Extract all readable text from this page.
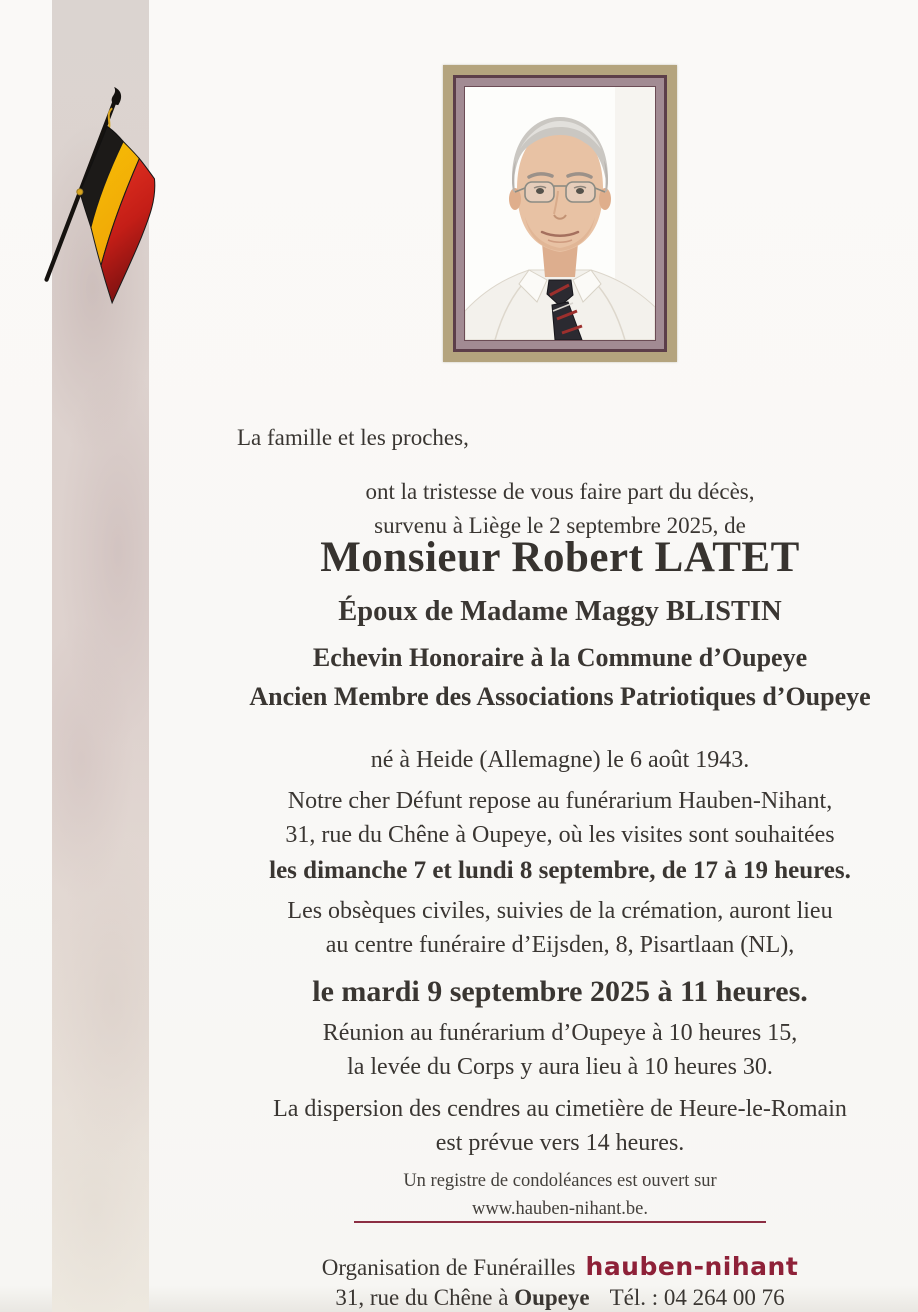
La famille et les proches,

ont la tristesse de vous faire part du décès,

survenu à Liège le 2 septembre 2025, de

Monsieur Robert LATET
Époux de Madame Maggy BLISTIN
Echevin Honoraire à la Commune d’Oupeye
Ancien Membre des Associations Patriotiques d’Oupeye

né à Heide (Allemagne) le 6 août 1943.

Notre cher Défunt repose au funérarium Hauben-Nihant,

31, rue du Chêne à Oupeye, où les visites sont souhaitées

les dimanche 7 et lundi 8 septembre, de 17 à 19 heures.

Les obsèques civiles, suivies de la crémation, auront lieu

au centre funéraire d’Eijsden, 8, Pisartlaan (NL),

le mardi 9 septembre 2025 à 11 heures.

Réunion au funérarium d’Oupeye à 10 heures 15,

la levée du Corps y aura lieu à 10 heures 30.

La dispersion des cendres au cimetière de Heure-le-Romain

est prévue vers 14 heures.

Un registre de condoléances est ouvert sur

www.hauben-nihant.be.

Organisation de Funérailles hauben-nihant

31, rue du Chêne à Oupeye Tél. : 04 264 00 76
